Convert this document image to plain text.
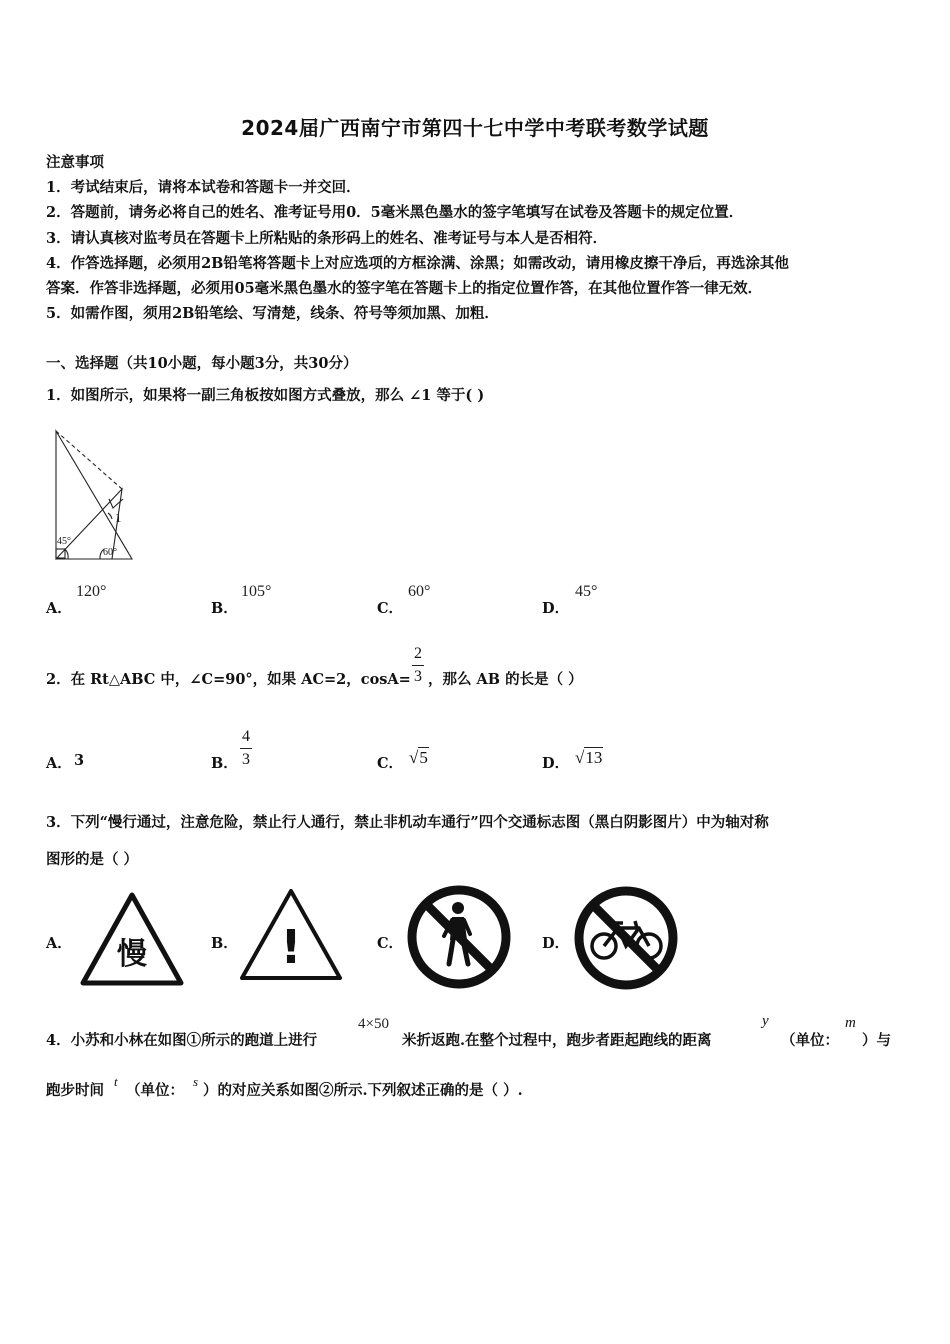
2024届广西南宁市第四十七中学中考联考数学试题
注意事项
1．考试结束后，请将本试卷和答题卡一并交回．
2．答题前，请务必将自己的姓名、准考证号用0．5毫米黑色墨水的签字笔填写在试卷及答题卡的规定位置．
3．请认真核对监考员在答题卡上所粘贴的条形码上的姓名、准考证号与本人是否相符．
4．作答选择题，必须用2B铅笔将答题卡上对应选项的方框涂满、涂黑；如需改动，请用橡皮擦干净后，再选涂其他
答案．作答非选择题，必须用05毫米黑色墨水的签字笔在答题卡上的指定位置作答，在其他位置作答一律无效．
5．如需作图，须用2B铅笔绘、写清楚，线条、符号等须加黑、加粗．
一、选择题（共10小题，每小题3分，共30分）
1．如图所示，如果将一副三角板按如图方式叠放，那么 ∠1 等于( )
1
45°
60°
A．
120°
B．
105°
C．
60°
D．
45°
2．在 Rt△ABC 中，∠C=90°，如果 AC=2，$\cos A= \frac{2}{3}$ ，那么 AB 的长是（ ）
A． 3	B． $\frac{4}{3}$	C． √5	D． √13
3．下列“慢行通过，注意危险，禁止行人通行，禁止非机动车通行”四个交通标志图（黑白阴影图片）中为轴对称
图形的是（ ）
A． 慢	B． !	C．	D．
4．小苏和小林在如图①所示的跑道上进行
4×50
米折返跑.在整个过程中，跑步者距起跑线的距离
y
（单位：
m
）与
跑步时间
t
（单位：
s
）的对应关系如图②所示.下列叙述正确的是（ ）.
